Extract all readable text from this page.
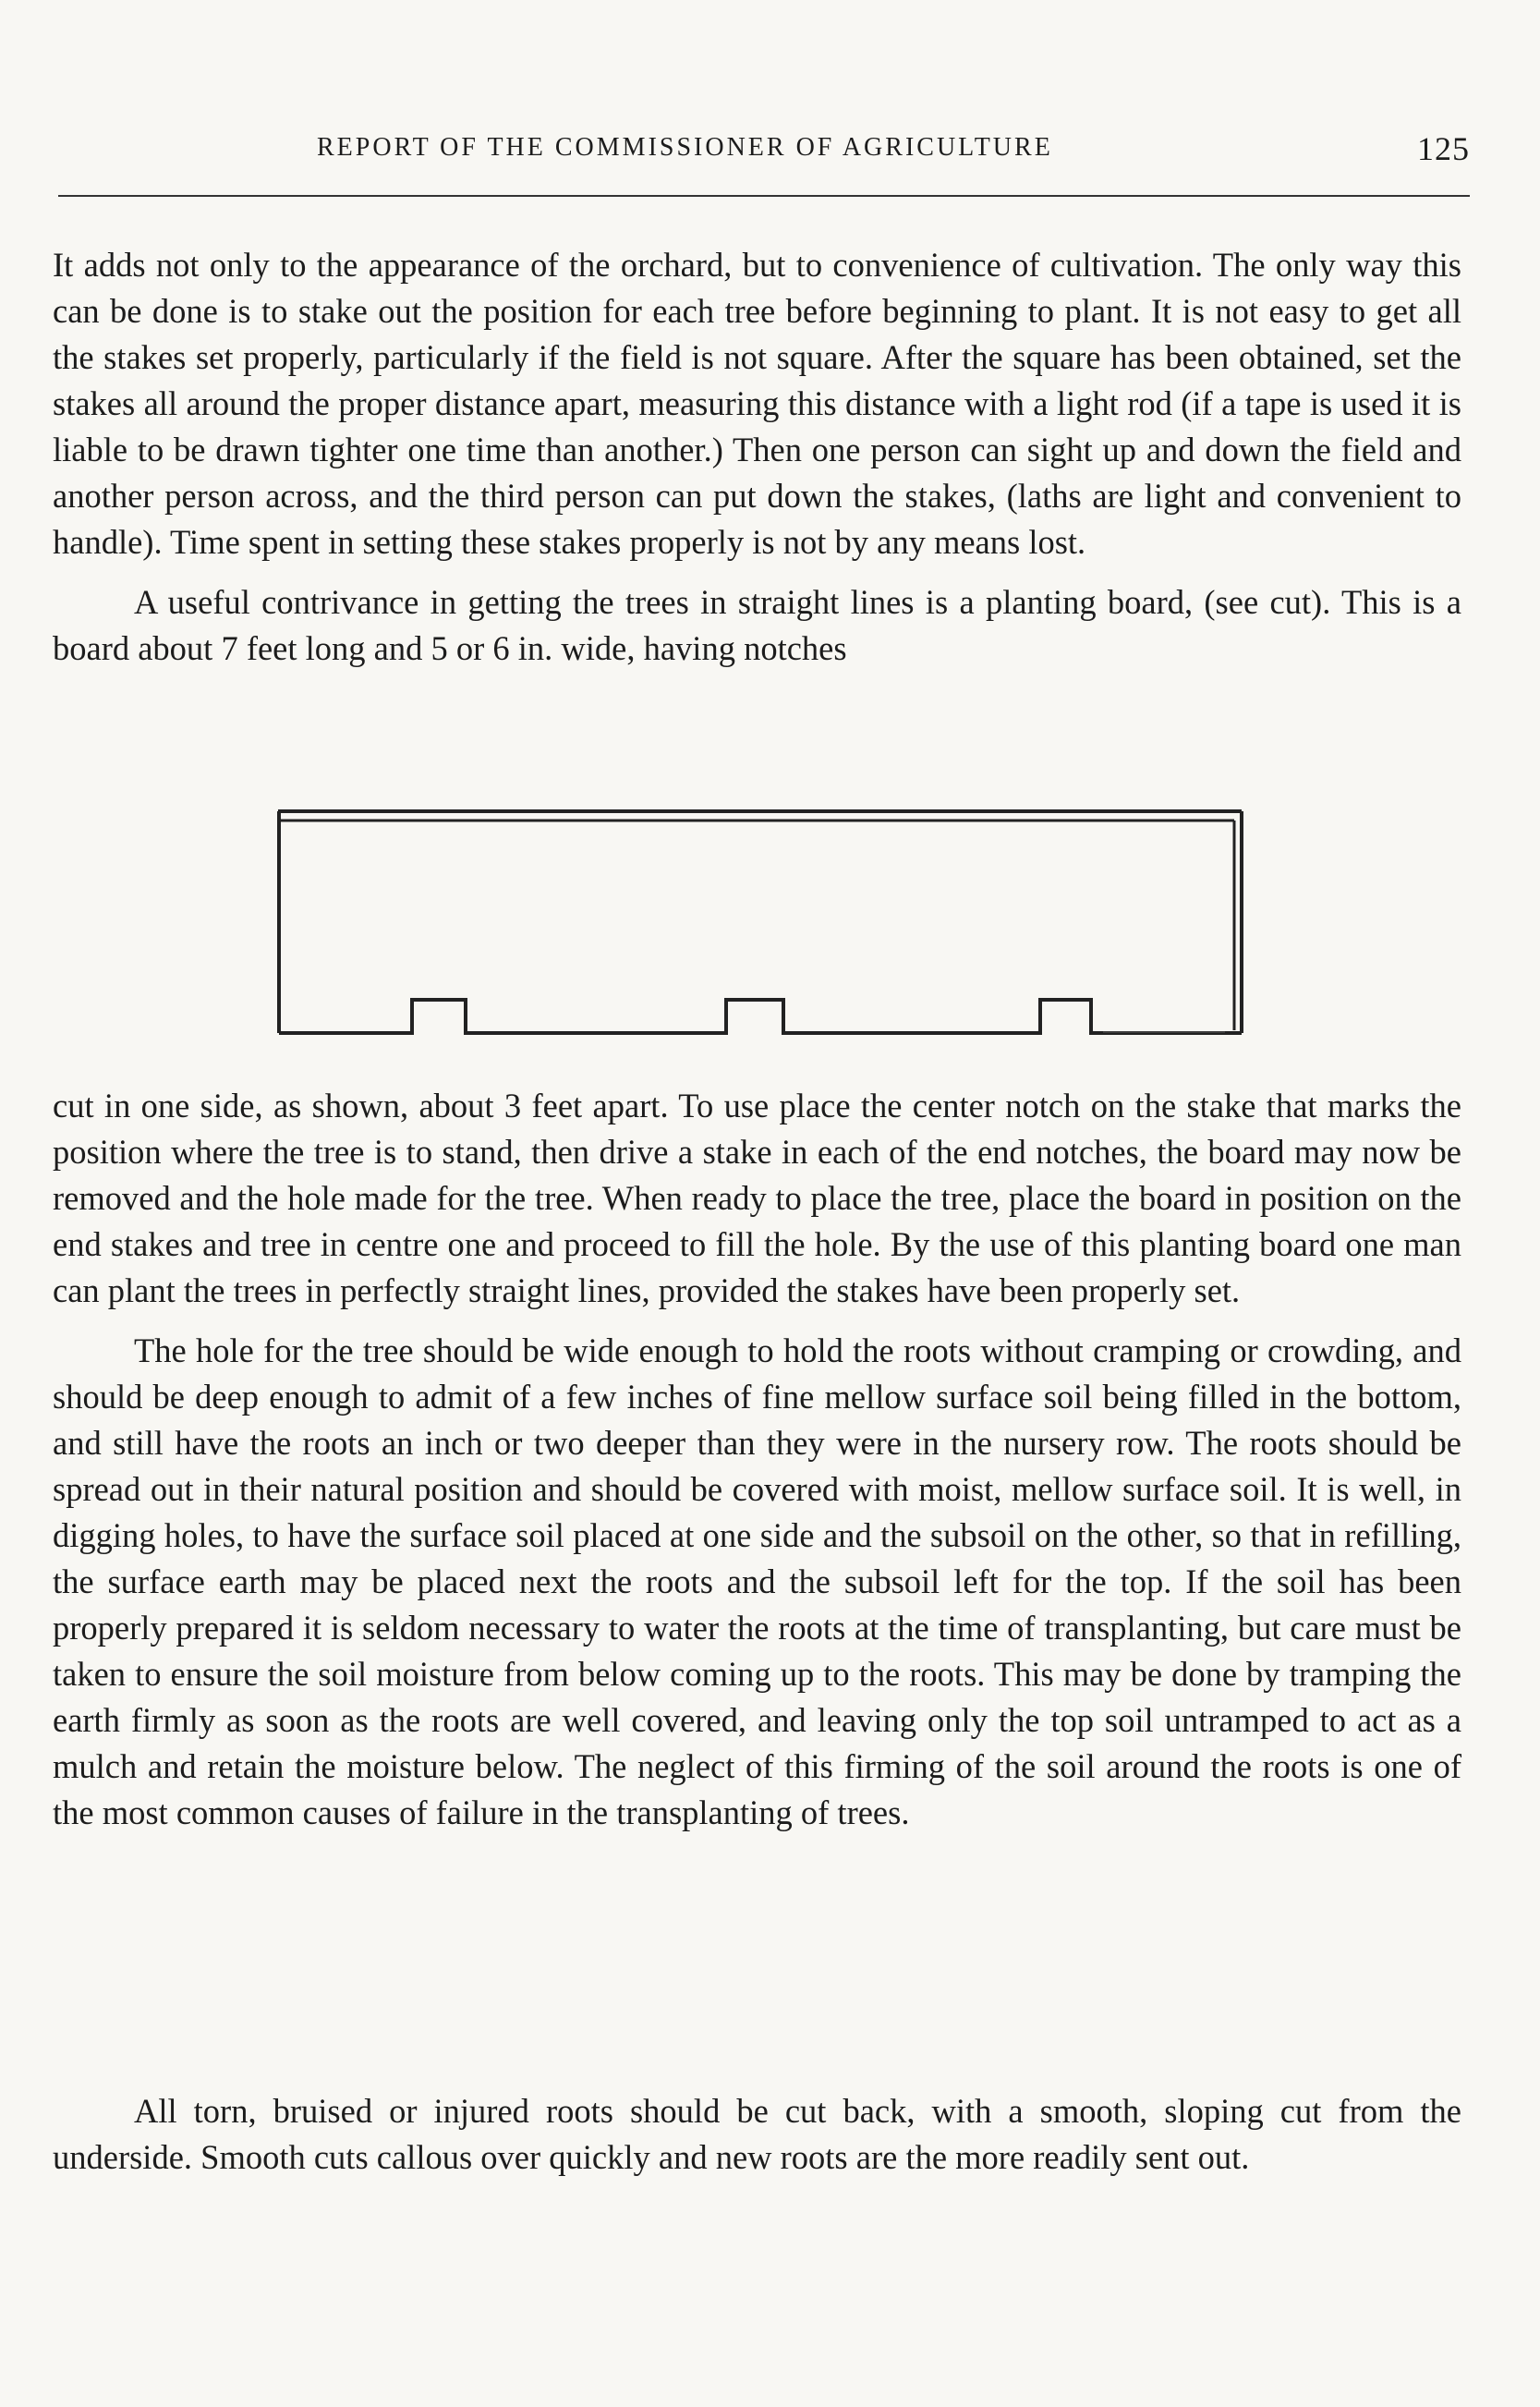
REPORT OF THE COMMISSIONER OF AGRICULTURE	125

It adds not only to the appearance of the orchard, but to convenience of cultivation. The only way this can be done is to stake out the position for each tree before beginning to plant. It is not easy to get all the stakes set properly, particularly if the field is not square. After the square has been obtained, set the stakes all around the proper distance apart, measuring this distance with a light rod (if a tape is used it is liable to be drawn tighter one time than another.) Then one person can sight up and down the field and another person across, and the third person can put down the stakes, (laths are light and convenient to handle). Time spent in setting these stakes properly is not by any means lost.

A useful contrivance in getting the trees in straight lines is a planting board, (see cut). This is a board about 7 feet long and 5 or 6 in. wide, having notches

cut in one side, as shown, about 3 feet apart. To use place the center notch on the stake that marks the position where the tree is to stand, then drive a stake in each of the end notches, the board may now be removed and the hole made for the tree. When ready to place the tree, place the board in position on the end stakes and tree in centre one and proceed to fill the hole. By the use of this planting board one man can plant the trees in perfectly straight lines, provided the stakes have been properly set.

The hole for the tree should be wide enough to hold the roots without cramping or crowding, and should be deep enough to admit of a few inches of fine mellow surface soil being filled in the bottom, and still have the roots an inch or two deeper than they were in the nursery row. The roots should be spread out in their natural position and should be covered with moist, mellow surface soil. It is well, in digging holes, to have the surface soil placed at one side and the subsoil on the other, so that in refilling, the surface earth may be placed next the roots and the subsoil left for the top. If the soil has been properly prepared it is seldom necessary to water the roots at the time of transplanting, but care must be taken to ensure the soil moisture from below coming up to the roots. This may be done by tramping the earth firmly as soon as the roots are well covered, and leaving only the top soil untramped to act as a mulch and retain the moisture below. The neglect of this firming of the soil around the roots is one of the most common causes of failure in the transplanting of trees.

All torn, bruised or injured roots should be cut back, with a smooth, sloping cut from the underside. Smooth cuts callous over quickly and new roots are the more readily sent out.
